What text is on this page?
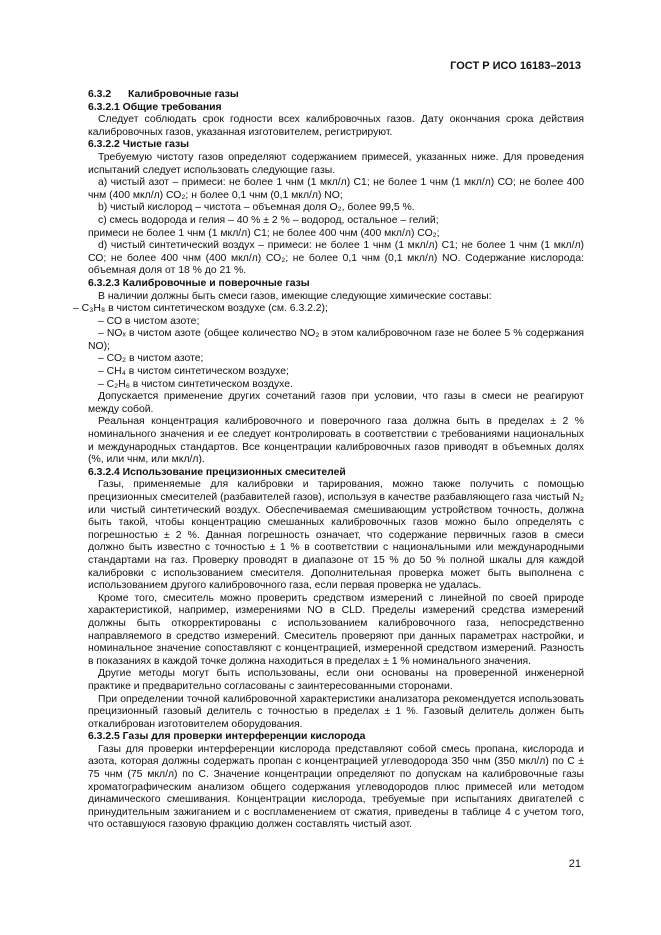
ГОСТ Р ИСО 16183–2013
6.3.2 Калибровочные газы
6.3.2.1 Общие требования

Следует соблюдать срок годности всех калибровочных газов. Дату окончания срока действия калибровочных газов, указанная изготовителем, регистрируют.

6.3.2.2 Чистые газы

Требуемую чистоту газов определяют содержанием примесей, указанных ниже. Для проведения испытаний следует использовать следующие газы.

а) чистый азот – примеси: не более 1 чнм (1 мкл/л) С1; не более 1 чнм (1 мкл/л) СО; не более 400 чнм (400 мкл/л) СО₂; н более 0,1 чнм (0,1 мкл/л) NO;

b) чистый кислород – чистота – объемная доля О₂, более 99,5 %.

с) смесь водорода и гелия – 40 % ± 2 % – водород, остальное – гелий;

примеси не более 1 чнм (1 мкл/л) С1; не более 400 чнм (400 мкл/л) СО₂;

d) чистый синтетический воздух – примеси: не более 1 чнм (1 мкл/л) С1; не более 1 чнм (1 мкл/л) СО; не более 400 чнм (400 мкл/л) СО₂; не более 0,1 чнм (0,1 мкл/л) NO. Содержание кислорода: объемная доля от 18 % до 21 %.

6.3.2.3 Калибровочные и поверочные газы

В наличии должны быть смеси газов, имеющие следующие химические составы:

– С₃Н₈ в чистом синтетическом воздухе (см. 6.3.2.2);

– СО в чистом азоте;

– NOₓ в чистом азоте (общее количество NO₂ в этом калибровочном газе не более 5 % содержания NO);

– СО₂ в чистом азоте;

– СН₄ в чистом синтетическом воздухе;

– С₂Н₆ в чистом синтетическом воздухе.

Допускается применение других сочетаний газов при условии, что газы в смеси не реагируют между собой.

Реальная концентрация калибровочного и поверочного газа должна быть в пределах ± 2 % номинального значения и ее следует контролировать в соответствии с требованиями национальных и международных стандартов. Все концентрации калибровочных газов приводят в объемных долях (%, или чнм, или мкл/л).

6.3.2.4 Использование прецизионных смесителей

Газы, применяемые для калибровки и тарирования, можно также получить с помощью прецизионных смесителей (разбавителей газов), используя в качестве разбавляющего газа чистый N₂ или чистый синтетический воздух. Обеспечиваемая смешивающим устройством точность, должна быть такой, чтобы концентрацию смешанных калибровочных газов можно было определять с погрешностью ± 2 %. Данная погрешность означает, что содержание первичных газов в смеси должно быть известно с точностью ± 1 % в соответствии с национальными или международными стандартами на газ. Проверку проводят в диапазоне от 15 % до 50 % полной шкалы для каждой калибровки с использованием смесителя. Дополнительная проверка может быть выполнена с использованием другого калибровочного газа, если первая проверка не удалась.

Кроме того, смеситель можно проверить средством измерений с линейной по своей природе характеристикой, например, измерениями NO в CLD. Пределы измерений средства измерений должны быть откорректированы с использованием калибровочного газа, непосредственно направляемого в средство измерений. Смеситель проверяют при данных параметрах настройки, и номинальное значение сопоставляют с концентрацией, измеренной средством измерений. Разность в показаниях в каждой точке должна находиться в пределах ± 1 % номинального значения.

Другие методы могут быть использованы, если они основаны на проверенной инженерной практике и предварительно согласованы с заинтересованными сторонами.

При определении точной калибровочной характеристики анализатора рекомендуется использовать прецизионный газовый делитель с точностью в пределах ± 1 %. Газовый делитель должен быть откалиброван изготовителем оборудования.

6.3.2.5 Газы для проверки интерференции кислорода

Газы для проверки интерференции кислорода представляют собой смесь пропана, кислорода и азота, которая должны содержать пропан с концентрацией углеводорода 350 чнм (350 мкл/л) по С ± 75 чнм (75 мкл/л) по С. Значение концентрации определяют по допускам на калибровочные газы хроматографическим анализом общего содержания углеводородов плюс примесей или методом динамического смешивания. Концентрации кислорода, требуемые при испытаниях двигателей с принудительным зажиганием и с воспламенением от сжатия, приведены в таблице 4 с учетом того, что оставшуюся газовую фракцию должен составлять чистый азот.

21
